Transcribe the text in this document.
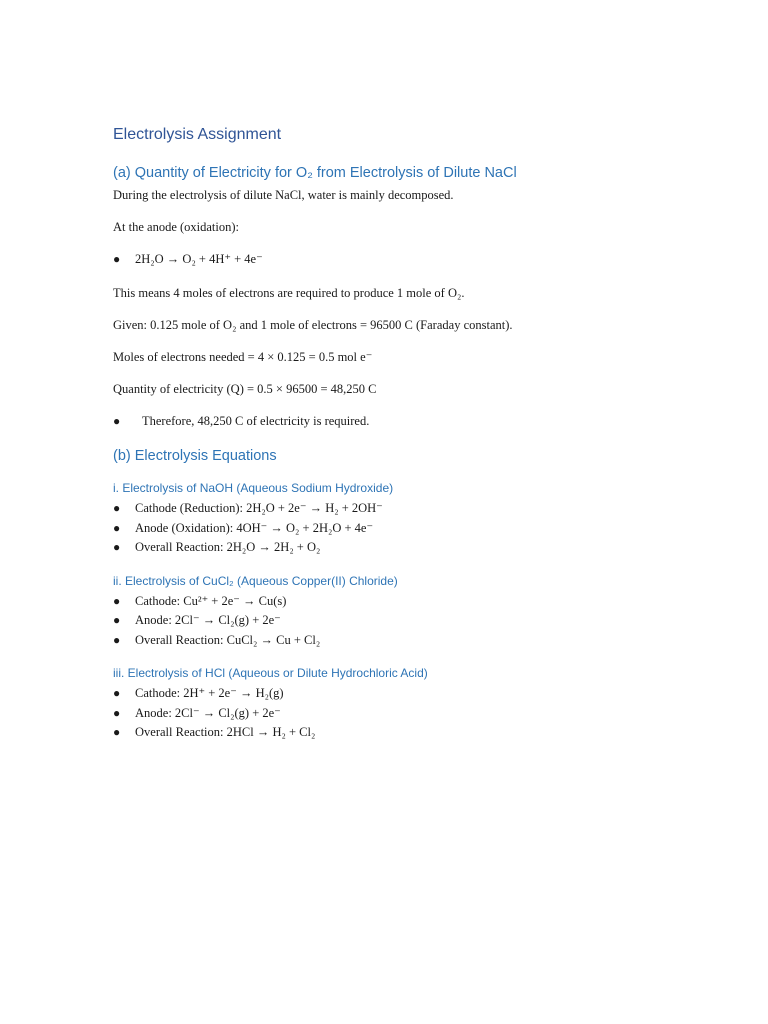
Electrolysis Assignment
(a) Quantity of Electricity for O₂ from Electrolysis of Dilute NaCl

During the electrolysis of dilute NaCl, water is mainly decomposed.

At the anode (oxidation):

● 2H₂O → O₂ + 4H⁺ + 4e⁻

This means 4 moles of electrons are required to produce 1 mole of O₂.

Given: 0.125 mole of O₂ and 1 mole of electrons = 96500 C (Faraday constant).

Moles of electrons needed = 4 × 0.125 = 0.5 mol e⁻

Quantity of electricity (Q) = 0.5 × 96500 = 48,250 C

● Therefore, 48,250 C of electricity is required.
(b) Electrolysis Equations
i. Electrolysis of NaOH (Aqueous Sodium Hydroxide)
● Cathode (Reduction): 2H₂O + 2e⁻ → H₂ + 2OH⁻
● Anode (Oxidation): 4OH⁻ → O₂ + 2H₂O + 4e⁻
● Overall Reaction: 2H₂O → 2H₂ + O₂
ii. Electrolysis of CuCl₂ (Aqueous Copper(II) Chloride)
● Cathode: Cu²⁺ + 2e⁻ → Cu(s)
● Anode: 2Cl⁻ → Cl₂(g) + 2e⁻
● Overall Reaction: CuCl₂ → Cu + Cl₂
iii. Electrolysis of HCl (Aqueous or Dilute Hydrochloric Acid)
● Cathode: 2H⁺ + 2e⁻ → H₂(g)
● Anode: 2Cl⁻ → Cl₂(g) + 2e⁻
● Overall Reaction: 2HCl → H₂ + Cl₂
